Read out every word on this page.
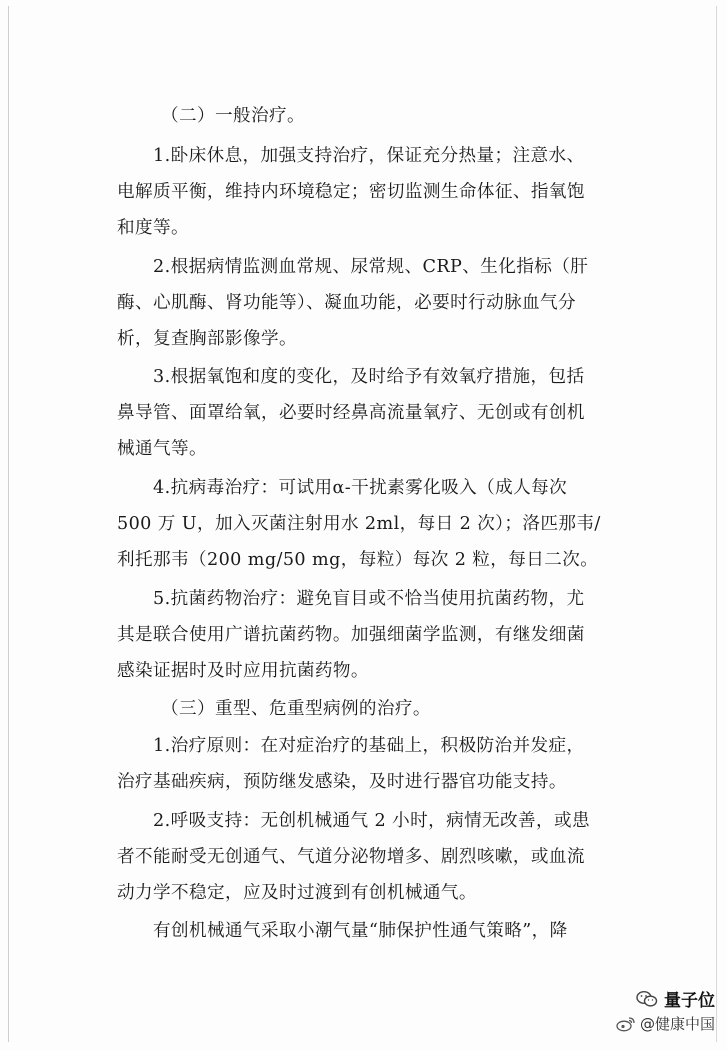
（二）一般治疗。
1.卧床休息，加强支持治疗，保证充分热量；注意水、
电解质平衡，维持内环境稳定；密切监测生命体征、指氧饱
和度等。
2.根据病情监测血常规、尿常规、CRP、生化指标（肝
酶、心肌酶、肾功能等）、凝血功能，必要时行动脉血气分
析，复查胸部影像学。
3.根据氧饱和度的变化，及时给予有效氧疗措施，包括
鼻导管、面罩给氧，必要时经鼻高流量氧疗、无创或有创机
械通气等。
4.抗病毒治疗：可试用α-干扰素雾化吸入（成人每次
500 万 U，加入灭菌注射用水 2ml，每日 2 次）；洛匹那韦/
利托那韦（200 mg/50 mg，每粒）每次 2 粒，每日二次。
5.抗菌药物治疗：避免盲目或不恰当使用抗菌药物，尤
其是联合使用广谱抗菌药物。加强细菌学监测，有继发细菌
感染证据时及时应用抗菌药物。
（三）重型、危重型病例的治疗。
1.治疗原则：在对症治疗的基础上，积极防治并发症，
治疗基础疾病，预防继发感染，及时进行器官功能支持。
2.呼吸支持：无创机械通气 2 小时，病情无改善，或患
者不能耐受无创通气、气道分泌物增多、剧烈咳嗽，或血流
动力学不稳定，应及时过渡到有创机械通气。
有创机械通气采取小潮气量“肺保护性通气策略”，降
量子位
@健康中国
